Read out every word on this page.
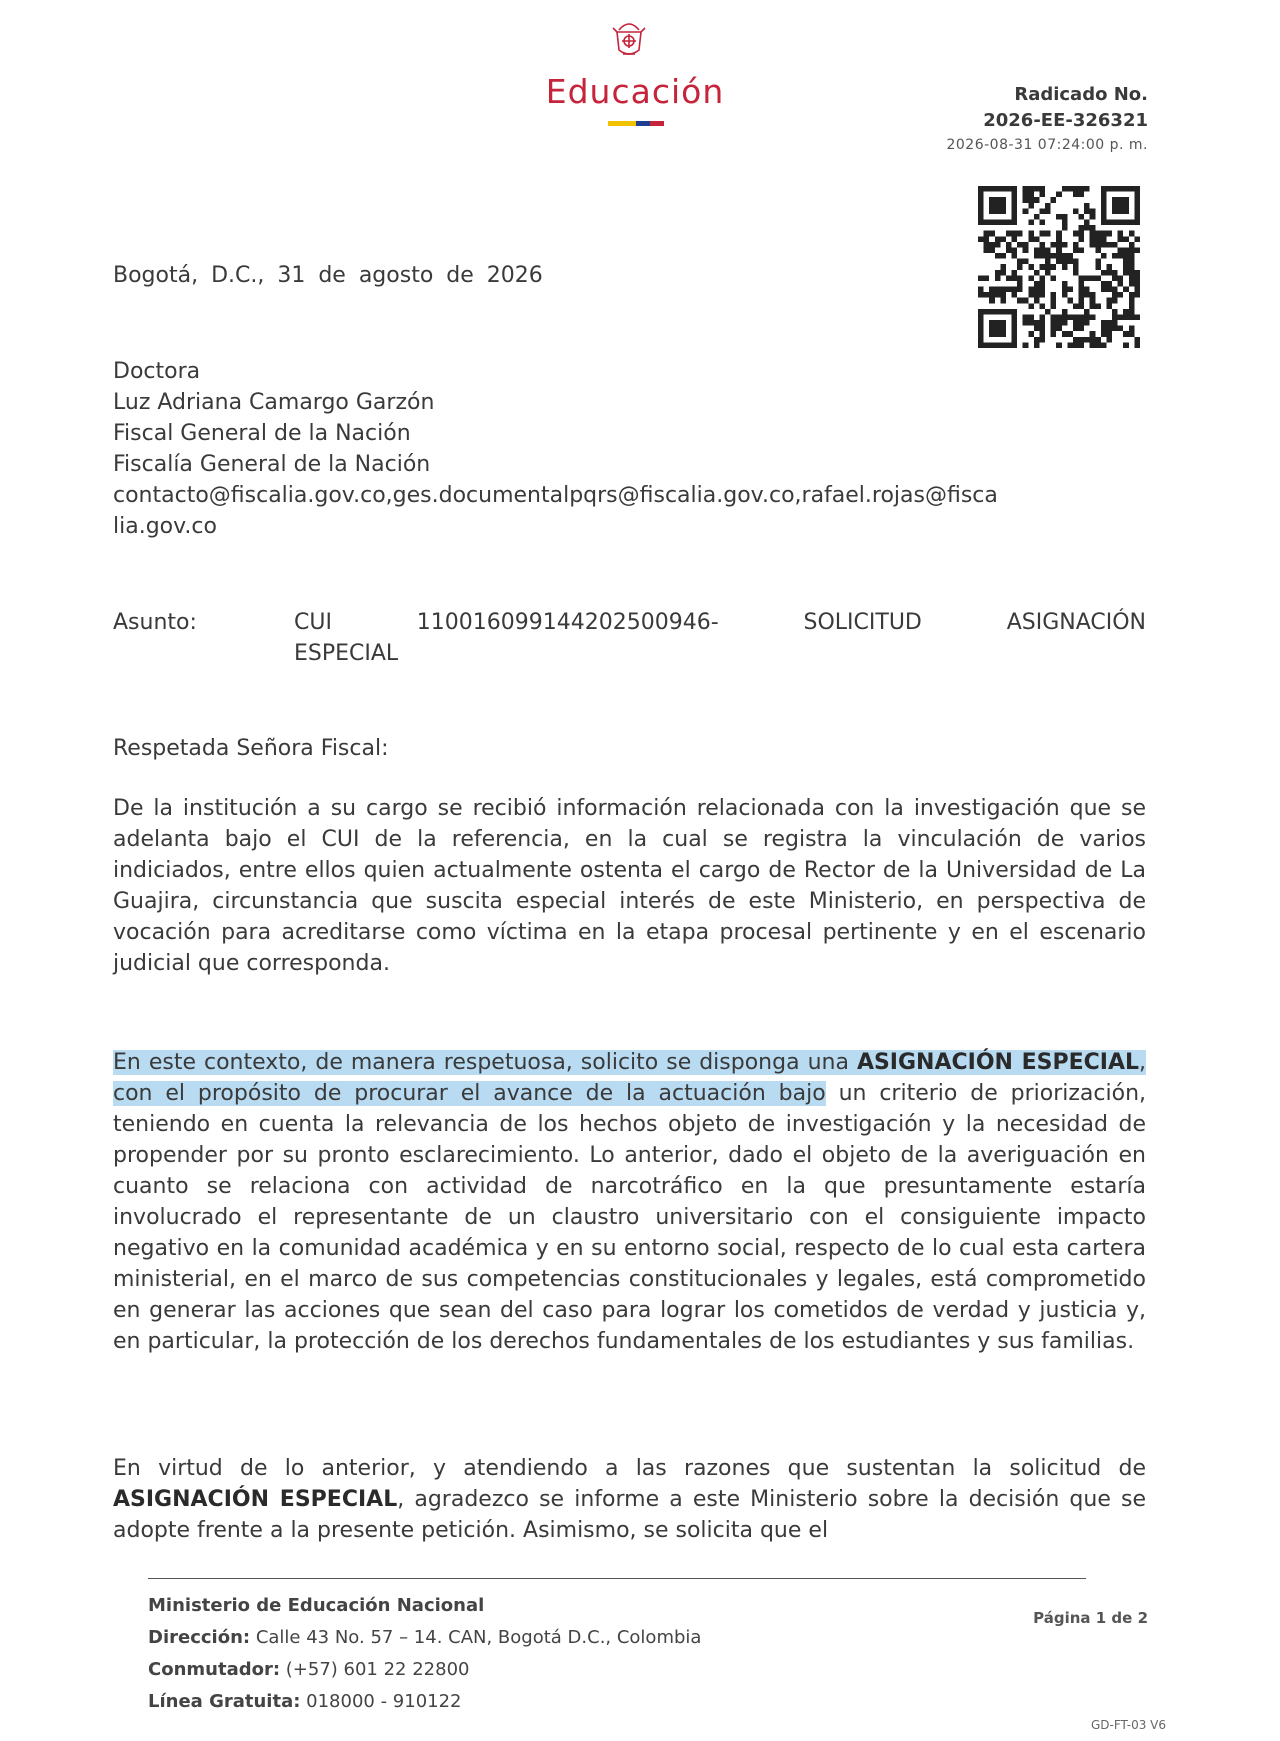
Educación	Radicado No.
2026-EE-326321
2026-08-31 07:24:00 p. m.
Bogotá, D.C., 31 de agosto de 2026
Doctora
Luz Adriana Camargo Garzón
Fiscal General de la Nación
Fiscalía General de la Nación
contacto@fiscalia.gov.co,ges.documentalpqrs@fiscalia.gov.co,rafael.rojas@fisca
lia.gov.co
Asunto:	CUI	110016099144202500946-	SOLICITUD	ASIGNACIÓN
ESPECIAL
Respetada Señora Fiscal:
De la institución a su cargo se recibió información relacionada con la investigación que se adelanta bajo el CUI de la referencia, en la cual se registra la vinculación de varios indiciados, entre ellos quien actualmente ostenta el cargo de Rector de la Universidad de La Guajira, circunstancia que suscita especial interés de este Ministerio, en perspectiva de vocación para acreditarse como víctima en la etapa procesal pertinente y en el escenario judicial que corresponda.
En este contexto, de manera respetuosa, solicito se disponga una ASIGNACIÓN ESPECIAL, con el propósito de procurar el avance de la actuación bajo un criterio de priorización, teniendo en cuenta la relevancia de los hechos objeto de investigación y la necesidad de propender por su pronto esclarecimiento. Lo anterior, dado el objeto de la averiguación en cuanto se relaciona con actividad de narcotráfico en la que presuntamente estaría involucrado el representante de un claustro universitario con el consiguiente impacto negativo en la comunidad académica y en su entorno social, respecto de lo cual esta cartera ministerial, en el marco de sus competencias constitucionales y legales, está comprometido en generar las acciones que sean del caso para lograr los cometidos de verdad y justicia y, en particular, la protección de los derechos fundamentales de los estudiantes y sus familias.
En virtud de lo anterior, y atendiendo a las razones que sustentan la solicitud de ASIGNACIÓN ESPECIAL, agradezco se informe a este Ministerio sobre la decisión que se adopte frente a la presente petición. Asimismo, se solicita que el
Ministerio de Educación Nacional
Dirección: Calle 43 No. 57 – 14. CAN, Bogotá D.C., Colombia
Conmutador: (+57) 601 22 22800
Línea Gratuita: 018000 - 910122
Página 1 de 2
GD-FT-03 V6
